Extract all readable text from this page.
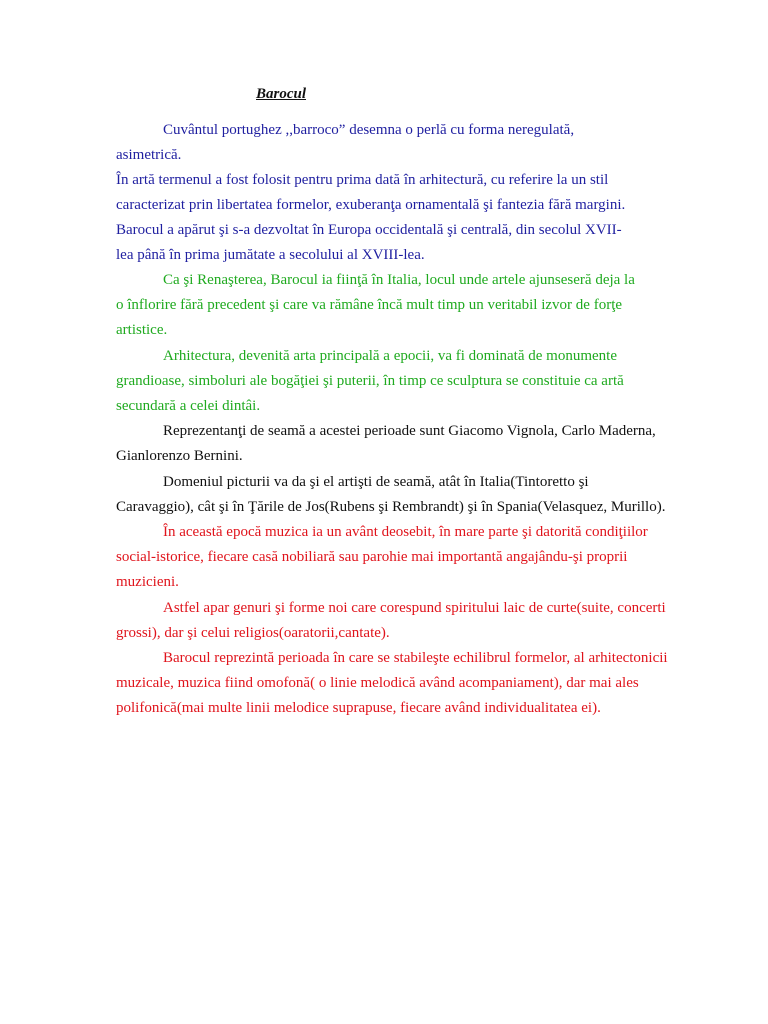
Barocul
Cuvântul portughez ,,barroco” desemna o perlă cu forma neregulată,
asimetrică.
În artă termenul a fost folosit pentru prima dată în arhitectură, cu referire la un stil
caracterizat prin libertatea formelor, exuberanţa ornamentală şi fantezia fără margini.
Barocul a apărut şi s-a dezvoltat în Europa occidentală şi centrală, din secolul XVII-
lea până în prima jumătate a secolului al XVIII-lea.
Ca şi Renaşterea, Barocul ia fiinţă în Italia, locul unde artele ajunseseră deja la
o înflorire fără precedent şi care va rămâne încă mult timp un veritabil izvor de forţe
artistice.
Arhitectura, devenită arta principală a epocii, va fi dominată de monumente
grandioase, simboluri ale bogăţiei şi puterii, în timp ce sculptura se constituie ca artă
secundară a celei dintâi.
Reprezentanţi de seamă a acestei perioade sunt Giacomo Vignola, Carlo Maderna,
Gianlorenzo Bernini.
Domeniul picturii va da şi el artişti de seamă, atât în Italia(Tintoretto şi
Caravaggio), cât şi în Ţările de Jos(Rubens şi Rembrandt) şi în Spania(Velasquez, Murillo).
În această epocă muzica ia un avânt deosebit, în mare parte şi datorită condiţiilor
social-istorice, fiecare casă nobiliară sau parohie mai importantă angajându-şi proprii
muzicieni.
Astfel apar genuri şi forme noi care corespund spiritului laic de curte(suite, concerti
grossi), dar şi celui religios(oaratorii,cantate).
Barocul reprezintă perioada în care se stabileşte echilibrul formelor, al arhitectonicii
muzicale, muzica fiind omofonă( o linie melodică având acompaniament), dar mai ales
polifonică(mai multe linii melodice suprapuse, fiecare având individualitatea ei).
